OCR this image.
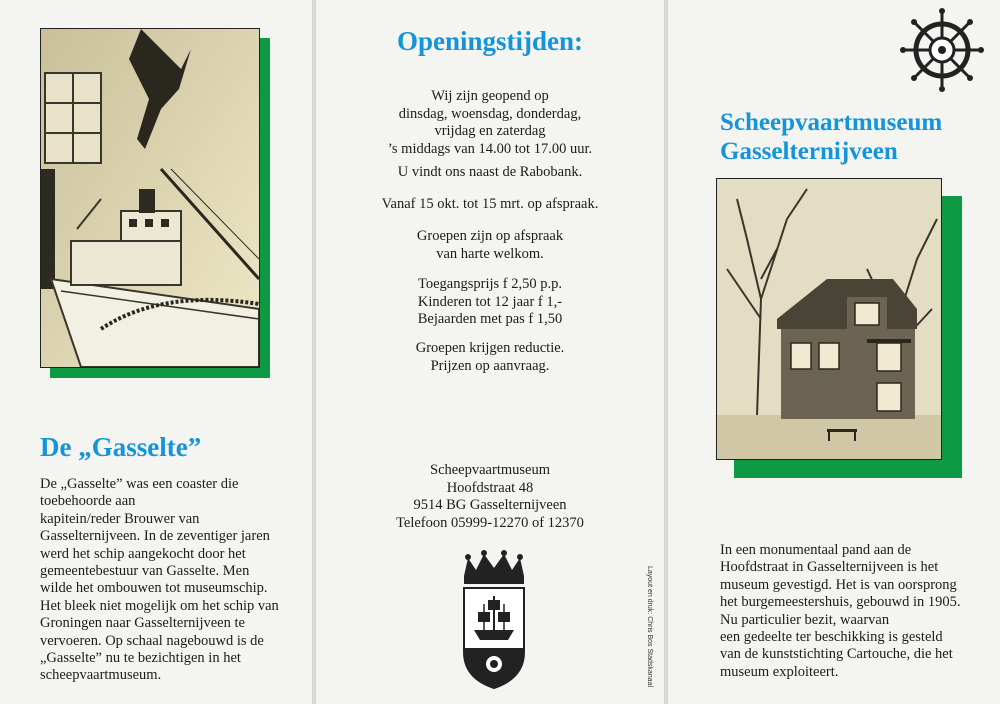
De „Gasselte”
De „Gasselte” was een coaster die
toebehoorde aan
kapitein/reder Brouwer van
Gasselternijveen. In de zeventiger jaren
werd het schip aangekocht door het
gemeentebestuur van Gasselte. Men
wilde het ombouwen tot museumschip.
Het bleek niet mogelijk om het schip van
Groningen naar Gasselternijveen te
vervoeren. Op schaal nagebouwd is de
„Gasselte” nu te bezichtigen in het
scheepvaartmuseum.
Openingstijden:
Wij zijn geopend op
dinsdag, woensdag, donderdag,
vrijdag en zaterdag
’s middags van 14.00 tot 17.00 uur.
U vindt ons naast de Rabobank.
Vanaf 15 okt. tot 15 mrt. op afspraak.
Groepen zijn op afspraak
van harte welkom.
Toegangsprijs f 2,50 p.p.
Kinderen tot 12 jaar f 1,-
Bejaarden met pas f 1,50
Groepen krijgen reductie.
Prijzen op aanvraag.
Scheepvaartmuseum
Hoofdstraat 48
9514 BG Gasselternijveen
Telefoon 05999-12270 of 12370
Layout en druk: Chris Bos Stadskanaal
Scheepvaartmuseum
Gasselternijveen
In een monumentaal pand aan de
Hoofdstraat in Gasselternijveen is het
museum gevestigd. Het is van oorsprong
het burgemeestershuis, gebouwd in 1905.
Nu particulier bezit, waarvan
een gedeelte ter beschikking is gesteld
van de kunststichting Cartouche, die het
museum exploiteert.
